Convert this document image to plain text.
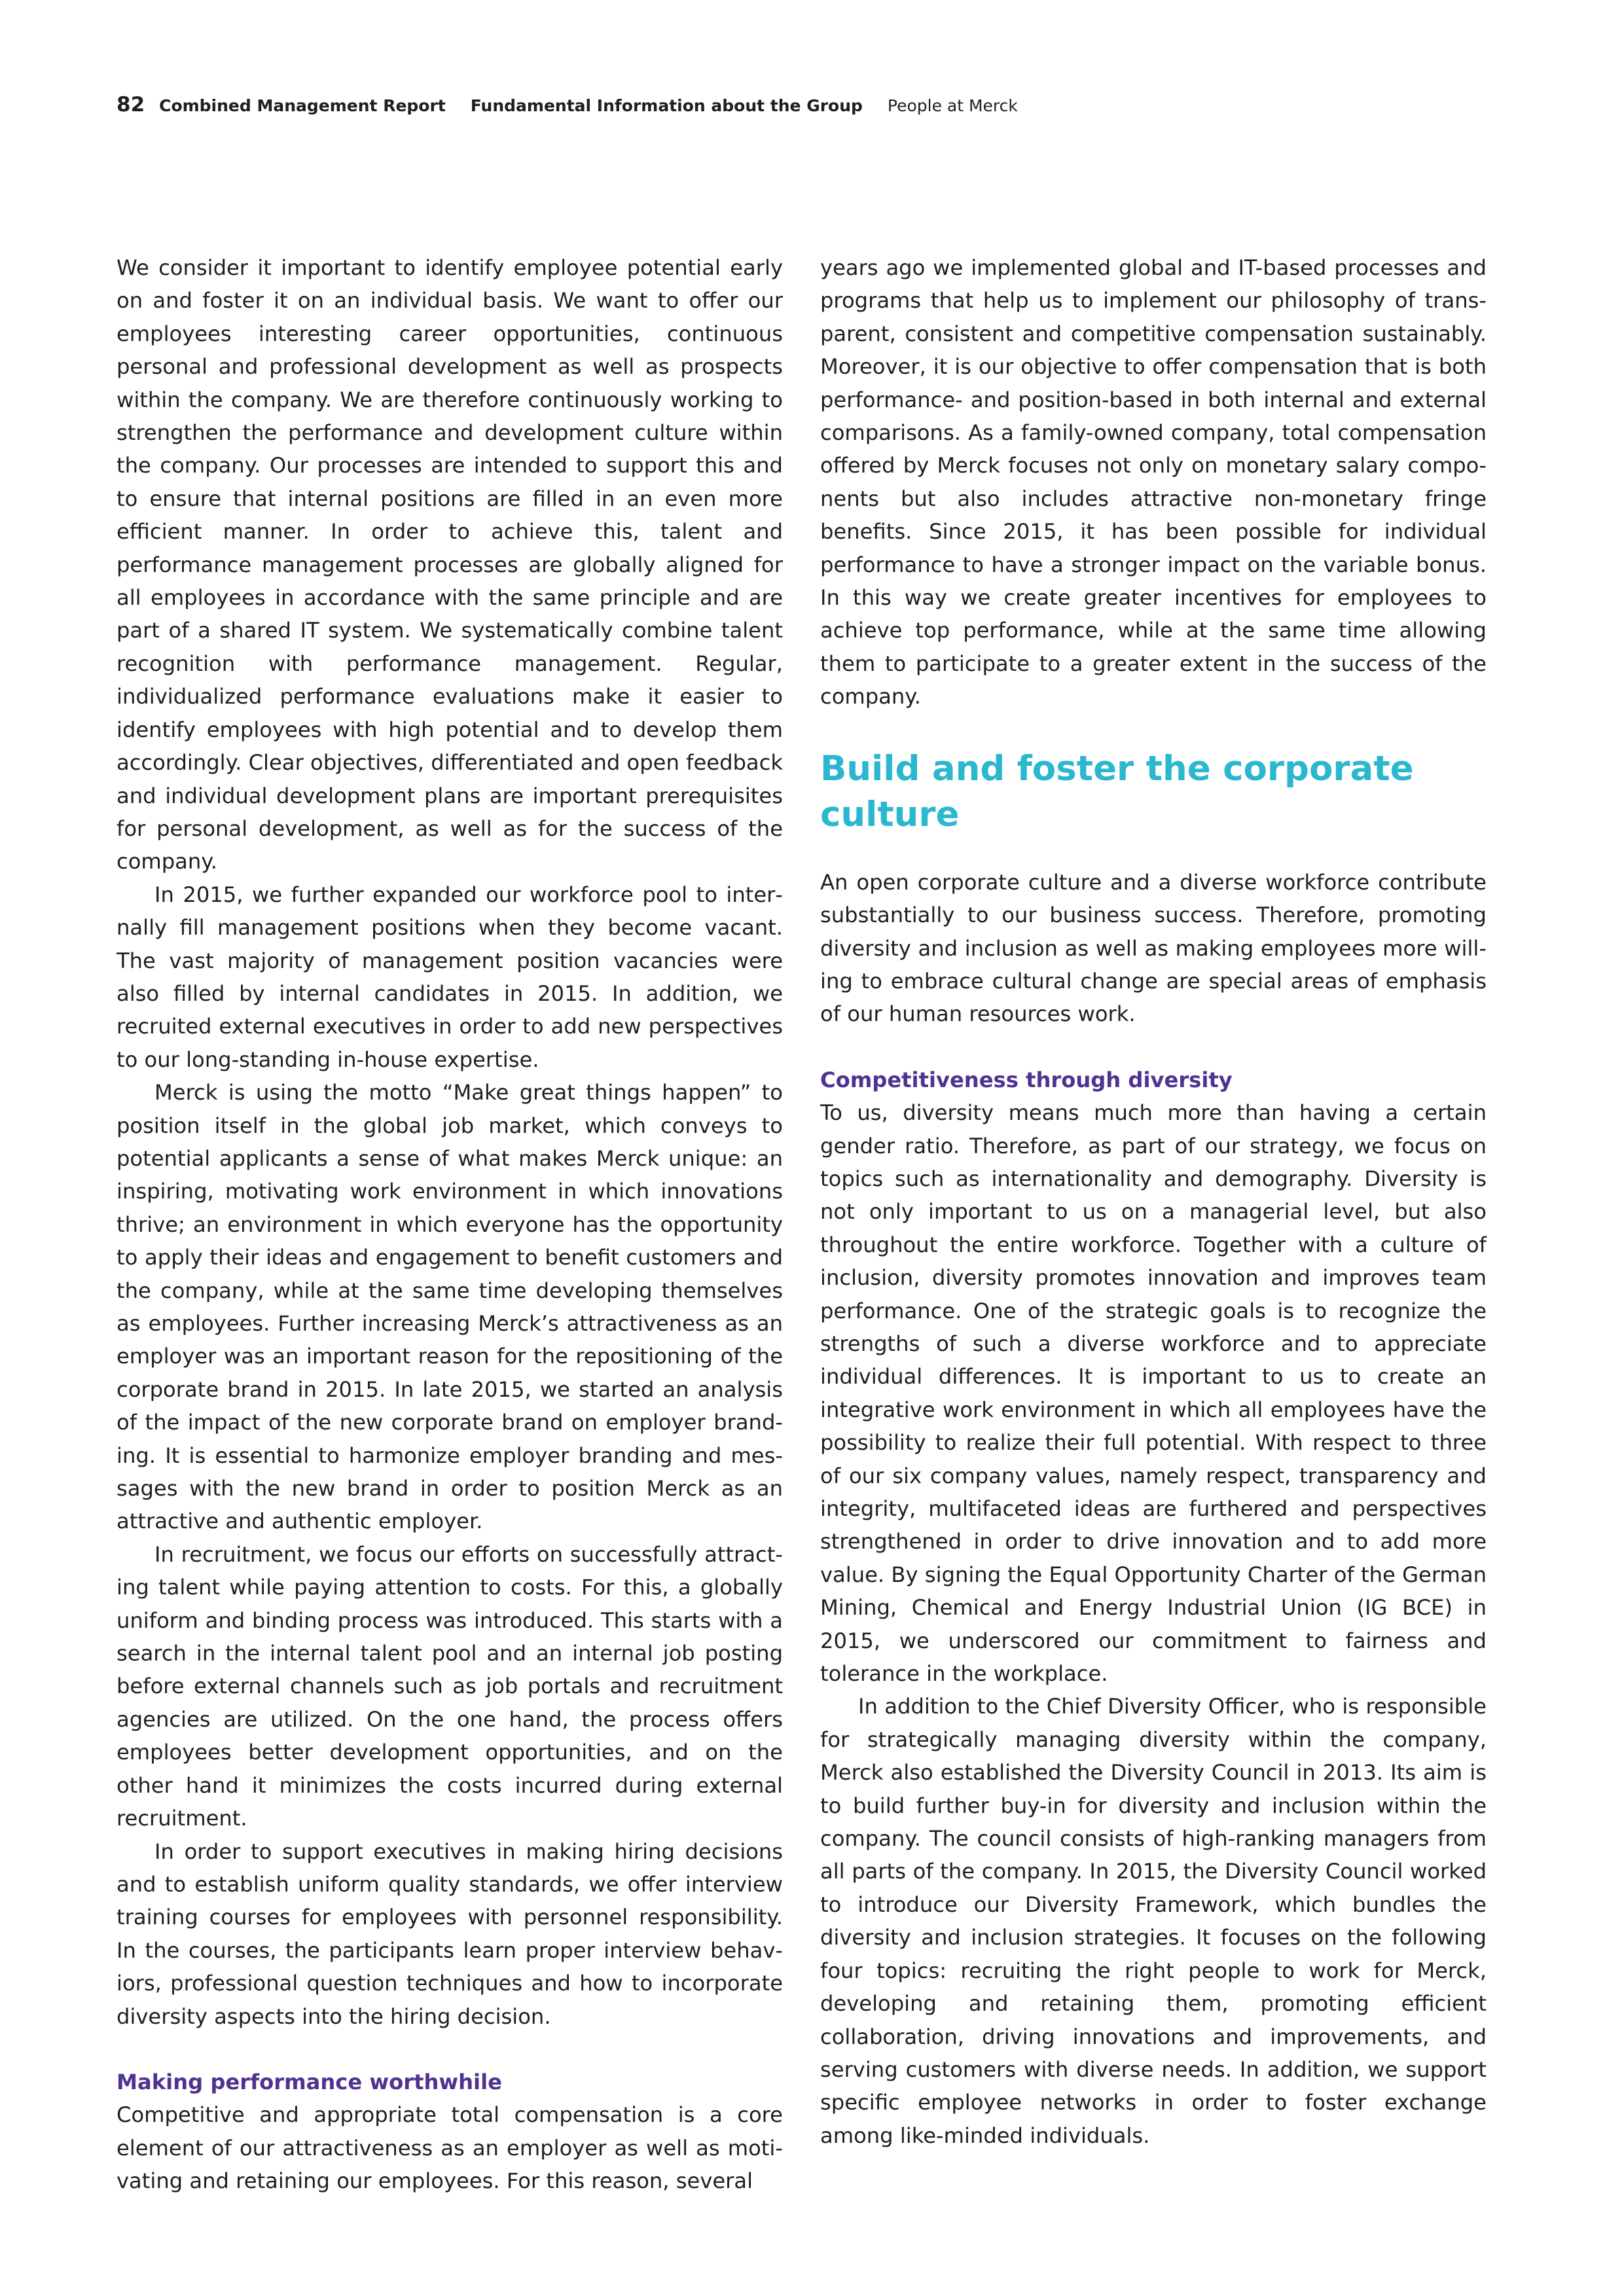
82 Combined Management Report Fundamental Information about the Group People at Merck

We consider it important to identify employee potential early on and foster it on an individual basis. We want to offer our employees interesting career opportunities, continuous personal and professional development as well as prospects within the company. We are therefore continuously working to strengthen the performance and development culture within the company. Our processes are intended to support this and to ensure that internal positions are filled in an even more efficient manner. In order to achieve this, talent and performance management processes are globally aligned for all employees in accordance with the same principle and are part of a shared IT system. We systematically combine talent recognition with performance management. Regular, individualized performance evaluations make it easier to identify employees with high potential and to develop them accordingly. Clear objectives, differentiated and open feedback and individual development plans are important prerequisites for personal development, as well as for the success of the company.

In 2015, we further expanded our workforce pool to internally fill management positions when they become vacant. The vast majority of management position vacancies were also filled by internal candidates in 2015. In addition, we recruited external executives in order to add new perspectives to our long-standing in-house expertise.

Merck is using the motto “Make great things happen” to position itself in the global job market, which conveys to potential applicants a sense of what makes Merck unique: an inspiring, motivating work environment in which innovations thrive; an environment in which everyone has the opportunity to apply their ideas and engagement to benefit customers and the company, while at the same time developing themselves as employees. Further increasing Merck’s attractiveness as an employer was an important reason for the repositioning of the corporate brand in 2015. In late 2015, we started an analysis of the impact of the new corporate brand on employer branding. It is essential to harmonize employer branding and messages with the new brand in order to position Merck as an attractive and authentic employer.

In recruitment, we focus our efforts on successfully attracting talent while paying attention to costs. For this, a globally uniform and binding process was introduced. This starts with a search in the internal talent pool and an internal job posting before external channels such as job portals and recruitment agencies are utilized. On the one hand, the process offers employees better development opportunities, and on the other hand it minimizes the costs incurred during external recruitment.

In order to support executives in making hiring decisions and to establish uniform quality standards, we offer interview training courses for employees with personnel responsibility. In the courses, the participants learn proper interview behaviors, professional question techniques and how to incorporate diversity aspects into the hiring decision.

Making performance worthwhile

Competitive and appropriate total compensation is a core element of our attractiveness as an employer as well as motivating and retaining our employees. For this reason, several

years ago we implemented global and IT-based processes and programs that help us to implement our philosophy of transparent, consistent and competitive compensation sustainably. Moreover, it is our objective to offer compensation that is both performance- and position-based in both internal and external comparisons. As a family-owned company, total compensation offered by Merck focuses not only on monetary salary components but also includes attractive non-monetary fringe benefits. Since 2015, it has been possible for individual performance to have a stronger impact on the variable bonus. In this way we create greater incentives for employees to achieve top performance, while at the same time allowing them to participate to a greater extent in the success of the company.

Build and foster the corporate culture

An open corporate culture and a diverse workforce contribute substantially to our business success. Therefore, promoting diversity and inclusion as well as making employees more willing to embrace cultural change are special areas of emphasis of our human resources work.

Competitiveness through diversity

To us, diversity means much more than having a certain gender ratio. Therefore, as part of our strategy, we focus on topics such as internationality and demography. Diversity is not only important to us on a managerial level, but also throughout the entire workforce. Together with a culture of inclusion, diversity promotes innovation and improves team performance. One of the strategic goals is to recognize the strengths of such a diverse workforce and to appreciate individual differences. It is important to us to create an integrative work environment in which all employees have the possibility to realize their full potential. With respect to three of our six company values, namely respect, transparency and integrity, multifaceted ideas are furthered and perspectives strengthened in order to drive innovation and to add more value. By signing the Equal Opportunity Charter of the German Mining, Chemical and Energy Industrial Union (IG BCE) in 2015, we underscored our commitment to fairness and tolerance in the workplace.

In addition to the Chief Diversity Officer, who is responsible for strategically managing diversity within the company, Merck also established the Diversity Council in 2013. Its aim is to build further buy-in for diversity and inclusion within the company. The council consists of high-ranking managers from all parts of the company. In 2015, the Diversity Council worked to introduce our Diversity Framework, which bundles the diversity and inclusion strategies. It focuses on the following four topics: recruiting the right people to work for Merck, developing and retaining them, promoting efficient collaboration, driving innovations and improvements, and serving customers with diverse needs. In addition, we support specific employee networks in order to foster exchange among like-minded individuals.
